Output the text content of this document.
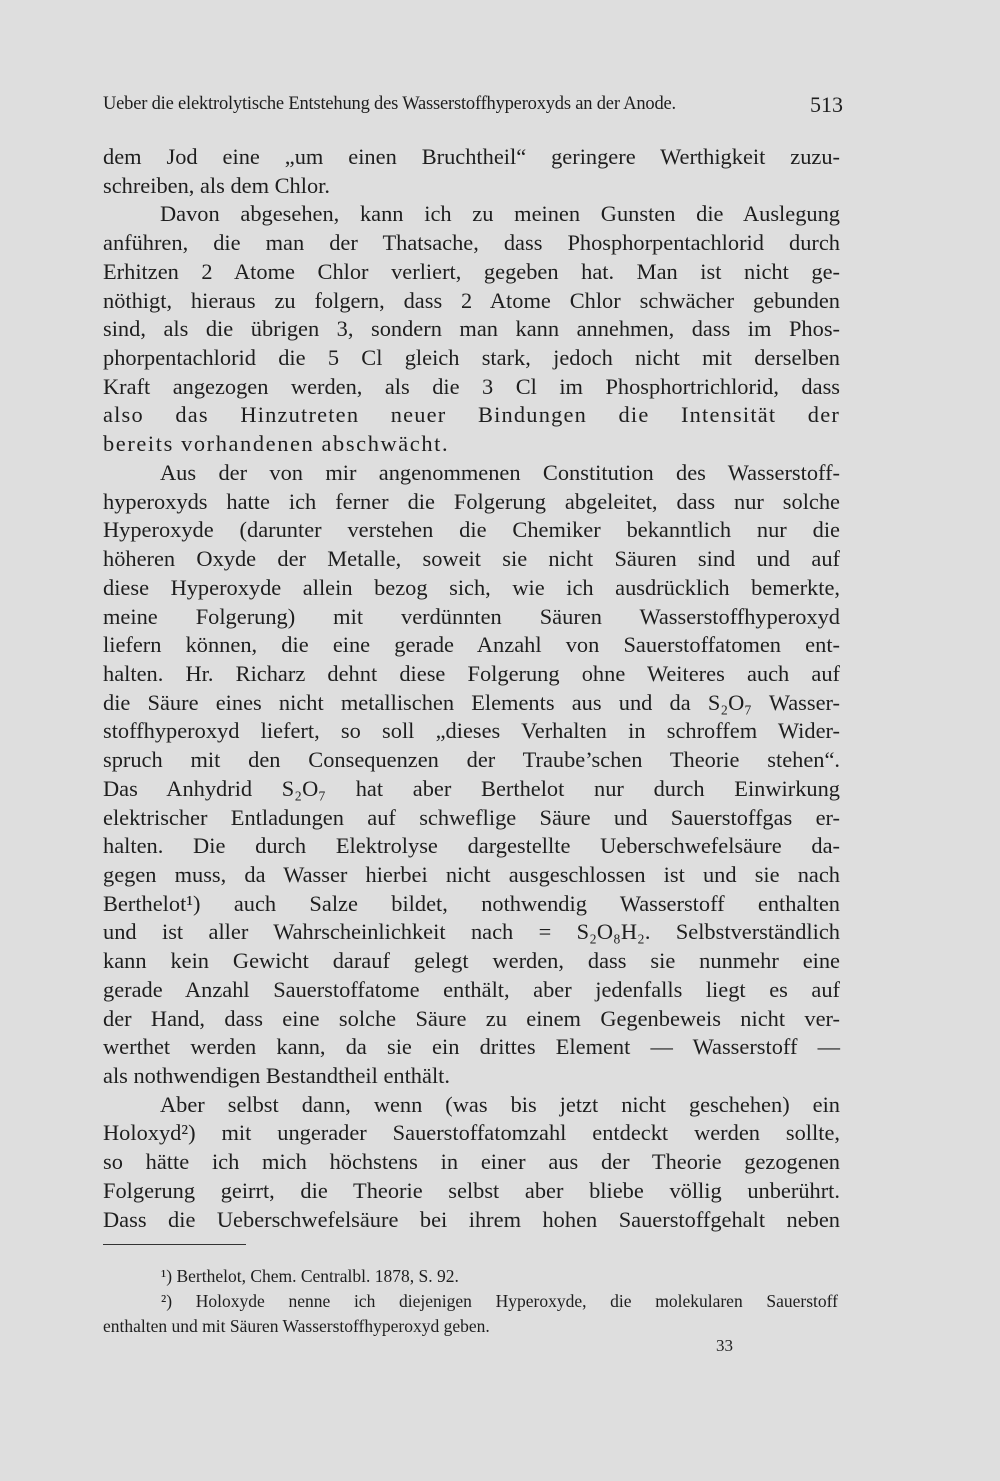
Ueber die elektrolytische Entstehung des Wasserstoffhyperoxyds an der Anode.	513
dem Jod eine „um einen Bruchtheil“ geringere Werthigkeit zuzu-
schreiben, als dem Chlor.
Davon abgesehen, kann ich zu meinen Gunsten die Auslegung
anführen, die man der Thatsache, dass Phosphorpentachlorid durch
Erhitzen 2 Atome Chlor verliert, gegeben hat. Man ist nicht ge-
nöthigt, hieraus zu folgern, dass 2 Atome Chlor schwächer gebunden
sind, als die übrigen 3, sondern man kann annehmen, dass im Phos-
phorpentachlorid die 5 Cl gleich stark, jedoch nicht mit derselben
Kraft angezogen werden, als die 3 Cl im Phosphortrichlorid, dass
also das Hinzutreten neuer Bindungen die Intensität der
bereits vorhandenen abschwächt.
Aus der von mir angenommenen Constitution des Wasserstoff-
hyperoxyds hatte ich ferner die Folgerung abgeleitet, dass nur solche
Hyperoxyde (darunter verstehen die Chemiker bekanntlich nur die
höheren Oxyde der Metalle, soweit sie nicht Säuren sind und auf
diese Hyperoxyde allein bezog sich, wie ich ausdrücklich bemerkte,
meine Folgerung) mit verdünnten Säuren Wasserstoffhyperoxyd
liefern können, die eine gerade Anzahl von Sauerstoffatomen ent-
halten. Hr. Richarz dehnt diese Folgerung ohne Weiteres auch auf
die Säure eines nicht metallischen Elements aus und da S₂O₇ Wasser-
stoffhyperoxyd liefert, so soll „dieses Verhalten in schroffem Wider-
spruch mit den Consequenzen der Traube’schen Theorie stehen“.
Das Anhydrid S₂O₇ hat aber Berthelot nur durch Einwirkung
elektrischer Entladungen auf schweflige Säure und Sauerstoffgas er-
halten. Die durch Elektrolyse dargestellte Ueberschwefelsäure da-
gegen muss, da Wasser hierbei nicht ausgeschlossen ist und sie nach
Berthelot¹) auch Salze bildet, nothwendig Wasserstoff enthalten
und ist aller Wahrscheinlichkeit nach = S₂O₈H₂. Selbstverständlich
kann kein Gewicht darauf gelegt werden, dass sie nunmehr eine
gerade Anzahl Sauerstoffatome enthält, aber jedenfalls liegt es auf
der Hand, dass eine solche Säure zu einem Gegenbeweis nicht ver-
werthet werden kann, da sie ein drittes Element — Wasserstoff —
als nothwendigen Bestandtheil enthält.
Aber selbst dann, wenn (was bis jetzt nicht geschehen) ein
Holoxyd²) mit ungerader Sauerstoffatomzahl entdeckt werden sollte,
so hätte ich mich höchstens in einer aus der Theorie gezogenen
Folgerung geirrt, die Theorie selbst aber bliebe völlig unberührt.
Dass die Ueberschwefelsäure bei ihrem hohen Sauerstoffgehalt neben
¹) Berthelot, Chem. Centralbl. 1878, S. 92.
²) Holoxyde nenne ich diejenigen Hyperoxyde, die molekularen Sauerstoff
enthalten und mit Säuren Wasserstoffhyperoxyd geben.
33
